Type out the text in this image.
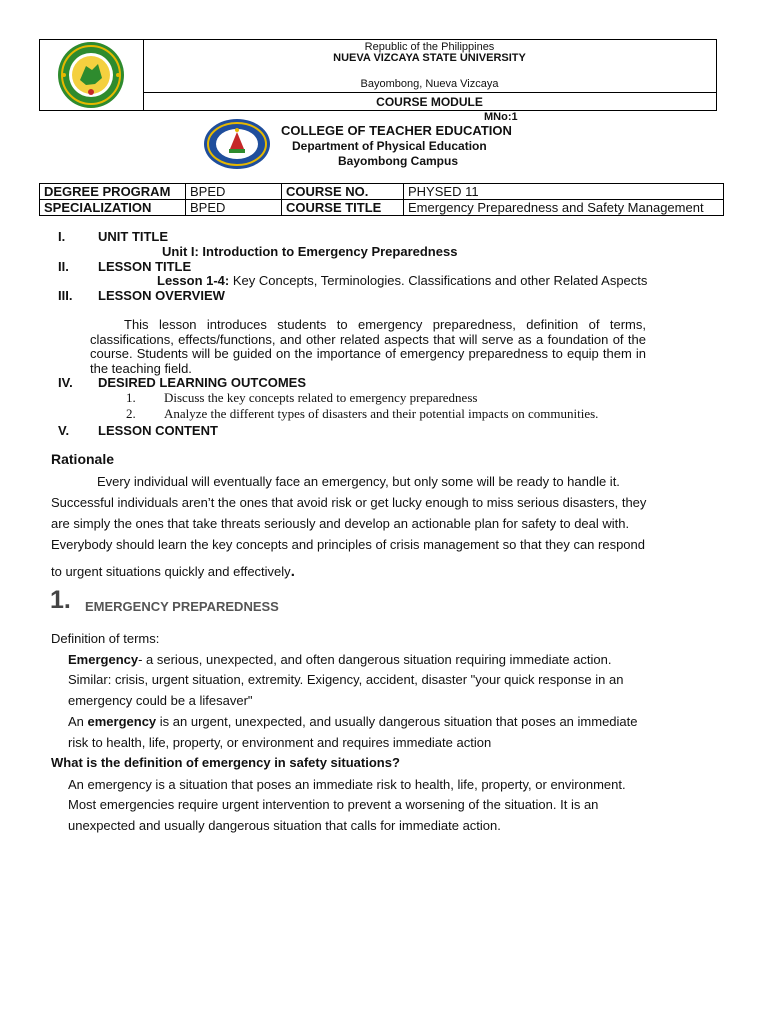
Republic of the Philippines
NUEVA VIZCAYA STATE UNIVERSITY
Bayombong, Nueva Vizcaya
COURSE MODULE
MNo:1
COLLEGE OF TEACHER EDUCATION
Department of Physical Education
Bayombong Campus
DEGREE PROGRAM	BPED	COURSE NO.	PHYSED 11
SPECIALIZATION	BPED	COURSE TITLE	Emergency Preparedness and Safety Management
I.	UNIT TITLE
Unit I: Introduction to Emergency Preparedness
II. LESSON TITLE
Lesson 1-4: Key Concepts, Terminologies. Classifications and other Related Aspects
III. LESSON OVERVIEW
This lesson introduces students to emergency preparedness, definition of terms, classifications, effects/functions, and other related aspects that will serve as a foundation of the course. Students will be guided on the importance of emergency preparedness to equip them in the teaching field.
IV. DESIRED LEARNING OUTCOMES
1. Discuss the key concepts related to emergency preparedness
2. Analyze the different types of disasters and their potential impacts on communities.
V. LESSON CONTENT
Rationale
Every individual will eventually face an emergency, but only some will be ready to handle it.
Successful individuals aren’t the ones that avoid risk or get lucky enough to miss serious disasters, they
are simply the ones that take threats seriously and develop an actionable plan for safety to deal with.
Everybody should learn the key concepts and principles of crisis management so that they can respond
to urgent situations quickly and effectively.
1. EMERGENCY PREPAREDNESS
Definition of terms:
Emergency- a serious, unexpected, and often dangerous situation requiring immediate action.
Similar: crisis, urgent situation, extremity. Exigency, accident, disaster "your quick response in an
emergency could be a lifesaver"
An emergency is an urgent, unexpected, and usually dangerous situation that poses an immediate
risk to health, life, property, or environment and requires immediate action
What is the definition of emergency in safety situations?
An emergency is a situation that poses an immediate risk to health, life, property, or environment.
Most emergencies require urgent intervention to prevent a worsening of the situation. It is an
unexpected and usually dangerous situation that calls for immediate action.
